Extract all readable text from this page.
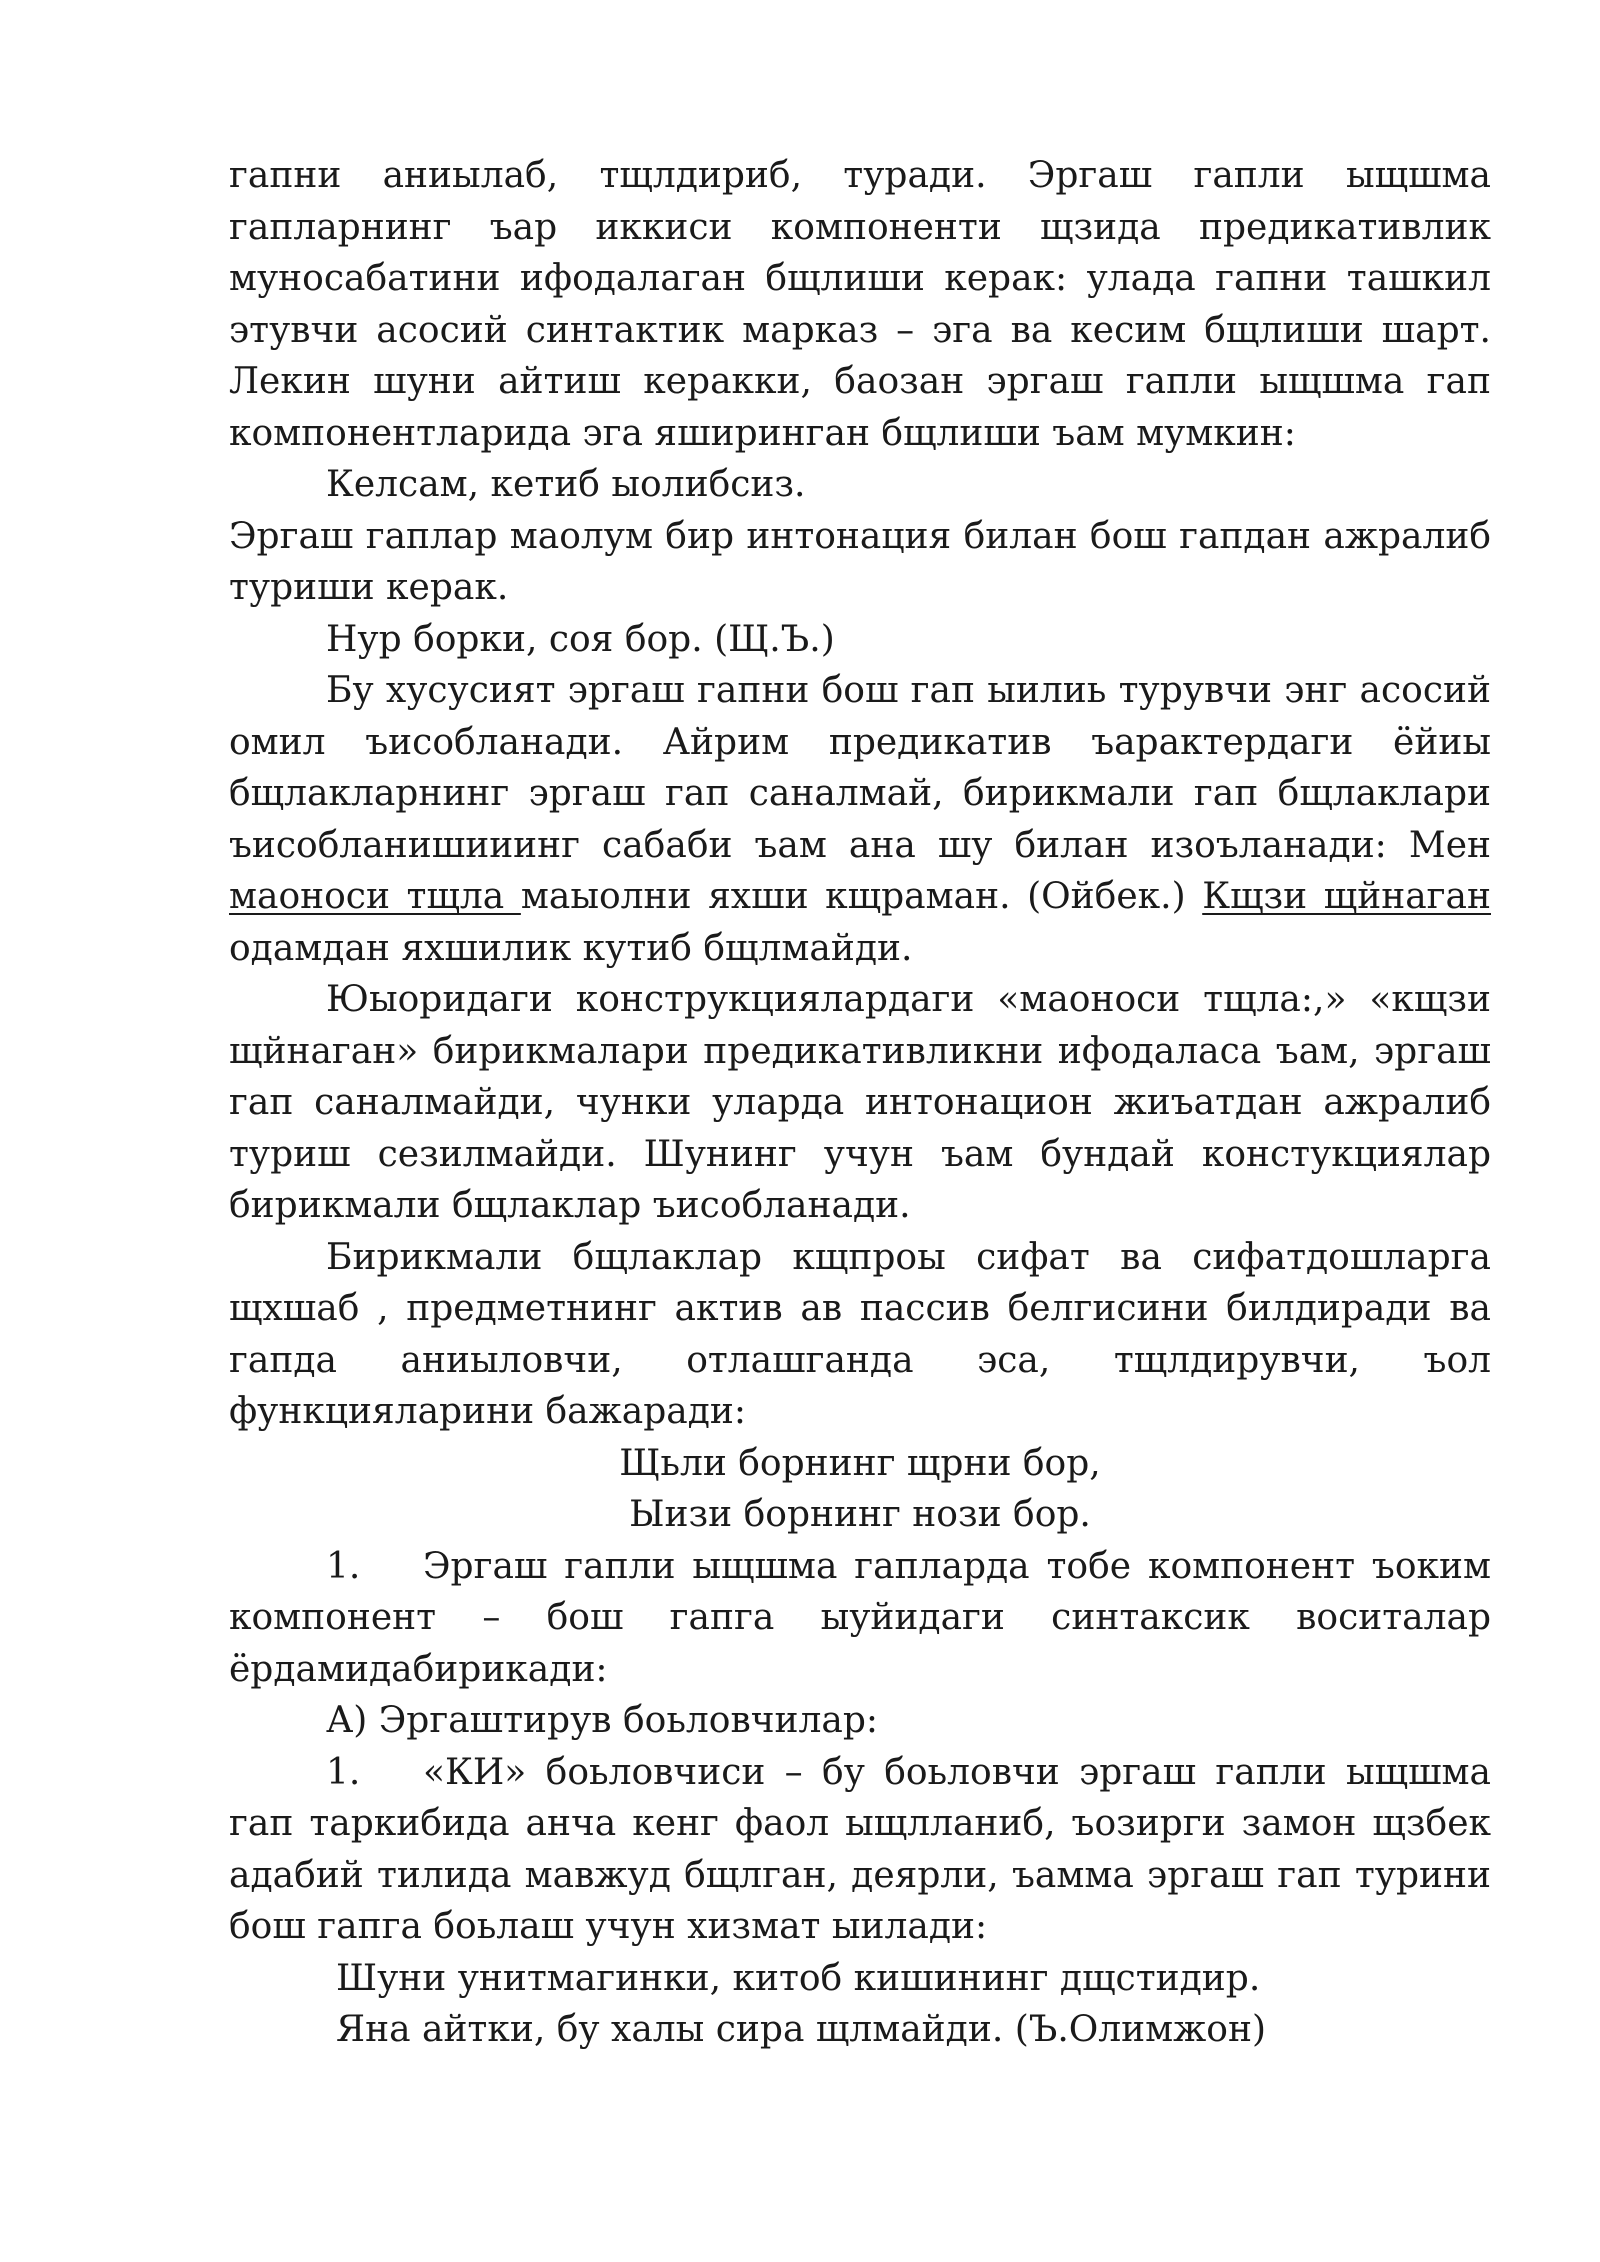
гапни аниылаб, тщлдириб, туради. Эргаш гапли ыщшма гапларнинг ъар иккиси компоненти щзида предикативлик муносабатини ифодалаган бщлиши керак: улада гапни ташкил этувчи асосий синтактик марказ – эга ва кесим бщлиши шарт. Лекин шуни айтиш керакки, баозан эргаш гапли ыщшма гап компонентларида эга яширинган бщлиши ъам мумкин:

Келсам, кетиб ыолибсиз.

Эргаш гаплар маолум бир интонация билан бош гапдан ажралиб туриши керак.

Нур борки, соя бор. (Щ.Ъ.)

Бу хусусият эргаш гапни бош гап ыилиь турувчи энг асосий омил ъисобланади. Айрим предикатив ъарактердаги ёйиы бщлакларнинг эргаш гап саналмай, бирикмали гап бщлаклари ъисобланишииинг сабаби ъам ана шу билан изоъланади: Мен маоноси тщла маыолни яхши кщраман. (Ойбек.) Кщзи щйнаган одамдан яхшилик кутиб бщлмайди.

Юыоридаги конструкциялардаги «маоноси тщла:,» «кщзи щйнаган» бирикмалари предикативликни ифодаласа ъам, эргаш гап саналмайди, чунки уларда интонацион жиъатдан ажралиб туриш сезилмайди. Шунинг учун ъам бундай констукциялар бирикмали бщлаклар ъисобланади.

Бирикмали бщлаклар кщпроы сифат ва сифатдошларга щхшаб , предметнинг актив ав пассив белгисини билдиради ва гапда аниыловчи, отлашганда эса, тщлдирувчи, ъол функцияларини бажаради:

Щьли борнинг щрни бор,

Ыизи борнинг нози бор.

1. Эргаш гапли ыщшма гапларда тобе компонент ъоким компонент – бош гапга ыуйидаги синтаксик воситалар ёрдамидабирикади:

А) Эргаштирув боьловчилар:

1. «КИ» боьловчиси – бу боьловчи эргаш гапли ыщшма гап таркибида анча кенг фаол ыщлланиб, ъозирги замон щзбек адабий тилида мавжуд бщлган, деярли, ъамма эргаш гап турини бош гапга боьлаш учун хизмат ыилади:

Шуни унитмагинки, китоб кишининг дщстидир.

Яна айтки, бу халы сира щлмайди. (Ъ.Олимжон)
